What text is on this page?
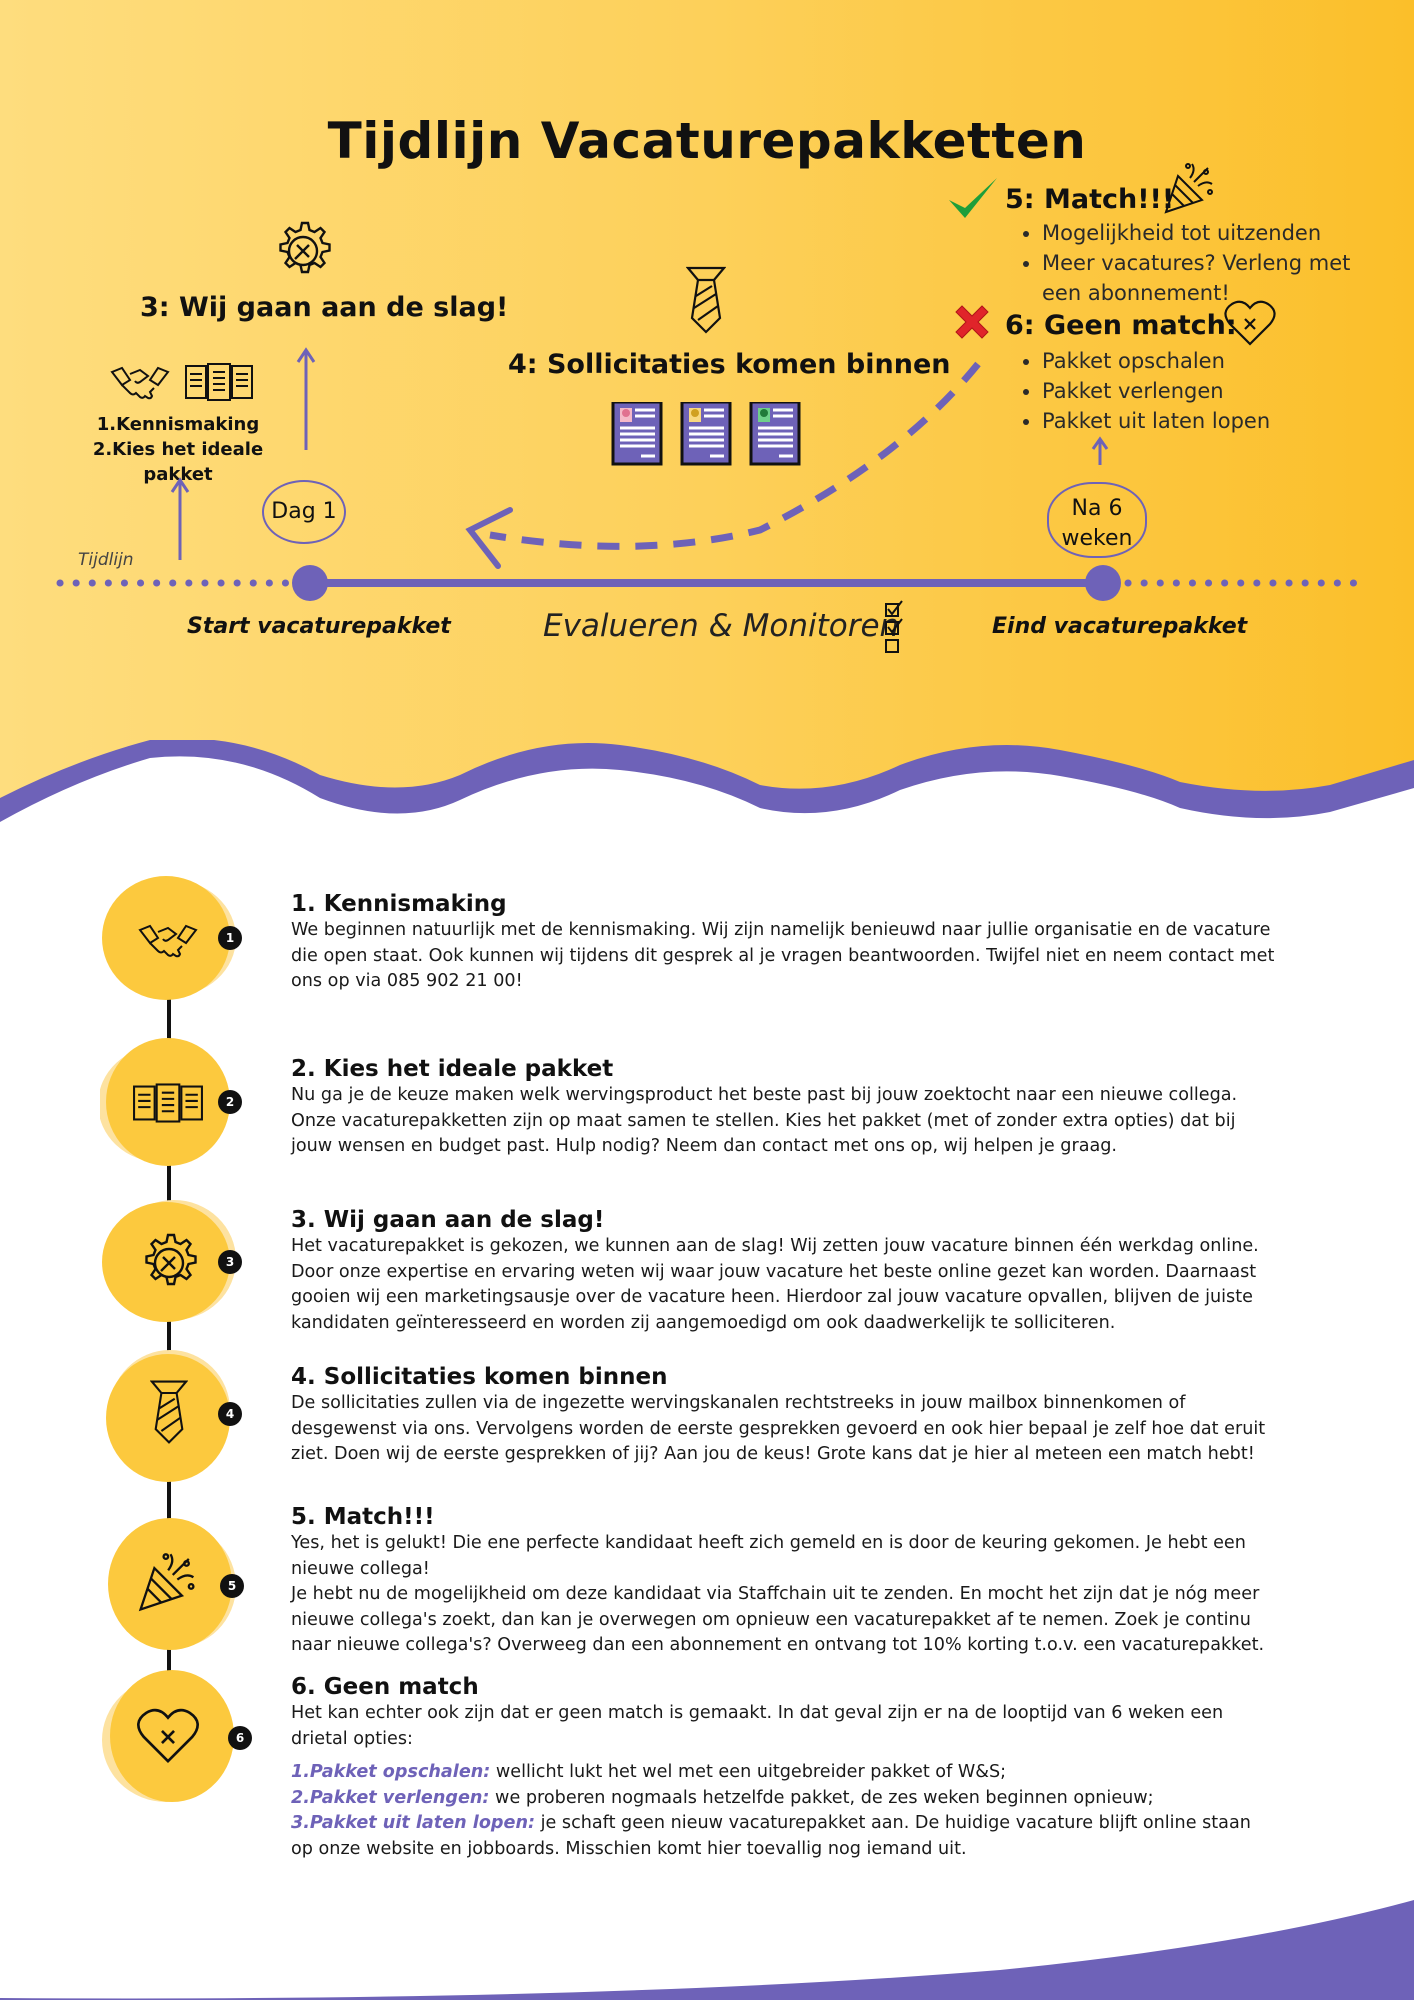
Tijdlijn Vacaturepakketten
3: Wij gaan aan de slag!
1.Kennismaking
2.Kies het ideale pakket
4: Sollicitaties komen binnen
5: Match!!!
• Mogelijkheid tot uitzenden
• Meer vacatures? Verleng met
een abonnement!
6: Geen match:
• Pakket opschalen
• Pakket verlengen
• Pakket uit laten lopen
Dag 1	Na 6
weken
Tijdlijn
Start vacaturepakket	Eind vacaturepakket
Evalueren & Monitoren
1
1. Kennismaking
We beginnen natuurlijk met de kennismaking. Wij zijn namelijk benieuwd naar jullie organisatie en de vacature die open staat. Ook kunnen wij tijdens dit gesprek al je vragen beantwoorden. Twijfel niet en neem contact met ons op via 085 902 21 00!
2
2. Kies het ideale pakket
Nu ga je de keuze maken welk wervingsproduct het beste past bij jouw zoektocht naar een nieuwe collega. Onze vacaturepakketten zijn op maat samen te stellen. Kies het pakket (met of zonder extra opties) dat bij jouw wensen en budget past. Hulp nodig? Neem dan contact met ons op, wij helpen je graag.
3
3. Wij gaan aan de slag!
Het vacaturepakket is gekozen, we kunnen aan de slag! Wij zetten jouw vacature binnen één werkdag online. Door onze expertise en ervaring weten wij waar jouw vacature het beste online gezet kan worden. Daarnaast gooien wij een marketingsausje over de vacature heen. Hierdoor zal jouw vacature opvallen, blijven de juiste kandidaten geïnteresseerd en worden zij aangemoedigd om ook daadwerkelijk te solliciteren.
4
4. Sollicitaties komen binnen
De sollicitaties zullen via de ingezette wervingskanalen rechtstreeks in jouw mailbox binnenkomen of desgewenst via ons. Vervolgens worden de eerste gesprekken gevoerd en ook hier bepaal je zelf hoe dat eruit ziet. Doen wij de eerste gesprekken of jij? Aan jou de keus! Grote kans dat je hier al meteen een match hebt!
5
5. Match!!!
Yes, het is gelukt! Die ene perfecte kandidaat heeft zich gemeld en is door de keuring gekomen. Je hebt een nieuwe collega!
Je hebt nu de mogelijkheid om deze kandidaat via Staffchain uit te zenden. En mocht het zijn dat je nóg meer nieuwe collega's zoekt, dan kan je overwegen om opnieuw een vacaturepakket af te nemen. Zoek je continu naar nieuwe collega's? Overweeg dan een abonnement en ontvang tot 10% korting t.o.v. een vacaturepakket.
6
6. Geen match
Het kan echter ook zijn dat er geen match is gemaakt. In dat geval zijn er na de looptijd van 6 weken een drietal opties:
1.Pakket opschalen: wellicht lukt het wel met een uitgebreider pakket of W&S;
2.Pakket verlengen: we proberen nogmaals hetzelfde pakket, de zes weken beginnen opnieuw;
3.Pakket uit laten lopen: je schaft geen nieuw vacaturepakket aan. De huidige vacature blijft online staan op onze website en jobboards. Misschien komt hier toevallig nog iemand uit.
